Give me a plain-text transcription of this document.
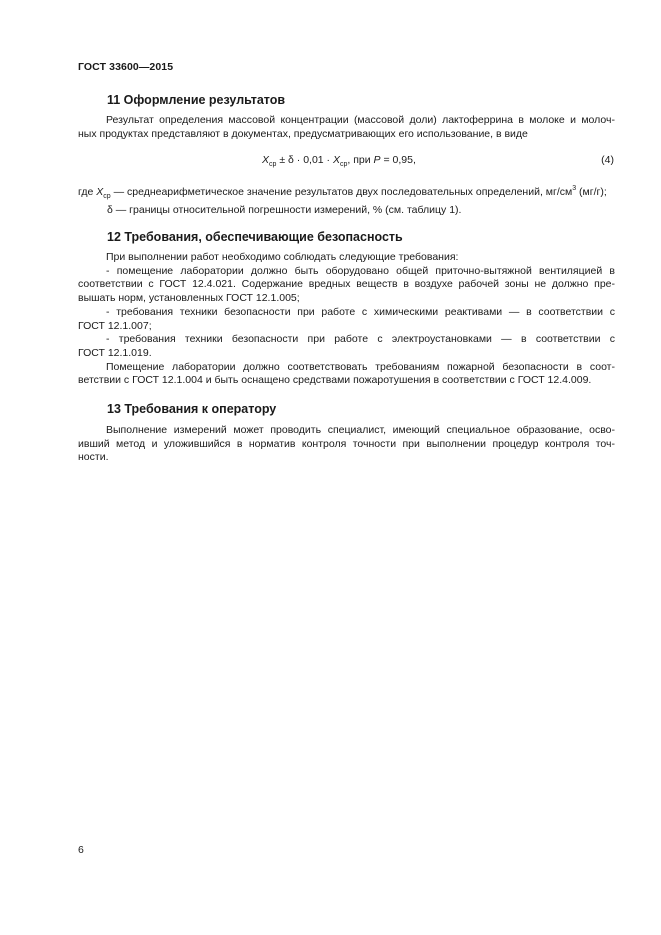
ГОСТ 33600—2015
11 Оформление результатов
Результат определения массовой концентрации (массовой доли) лактоферрина в молоке и молоч-
ных продуктах представляют в документах, предусматривающих его использование, в виде
$X_{ср} \pm \delta \cdot 0,01 \cdot X_{ср}$, при P = 0,95,	(4)
где $X_{ср}$ — среднеарифметическое значение результатов двух последовательных определений, $мг/см^3$ (мг/г);
δ — границы относительной погрешности измерений, % (см. таблицу 1).
12 Требования, обеспечивающие безопасность
При выполнении работ необходимо соблюдать следующие требования:
- помещение лаборатории должно быть оборудовано общей приточно-вытяжной вентиляцией в
соответствии с ГОСТ 12.4.021. Содержание вредных веществ в воздухе рабочей зоны не должно пре-
вышать норм, установленных ГОСТ 12.1.005;
- требования техники безопасности при работе с химическими реактивами — в соответствии с
ГОСТ 12.1.007;
- требования техники безопасности при работе с электроустановками — в соответствии с
ГОСТ 12.1.019.
Помещение лаборатории должно соответствовать требованиям пожарной безопасности в соот-
ветствии с ГОСТ 12.1.004 и быть оснащено средствами пожаротушения в соответствии с ГОСТ 12.4.009.
13 Требования к оператору
Выполнение измерений может проводить специалист, имеющий специальное образование, осво-
ивший метод и уложившийся в норматив контроля точности при выполнении процедур контроля точ-
ности.
6
